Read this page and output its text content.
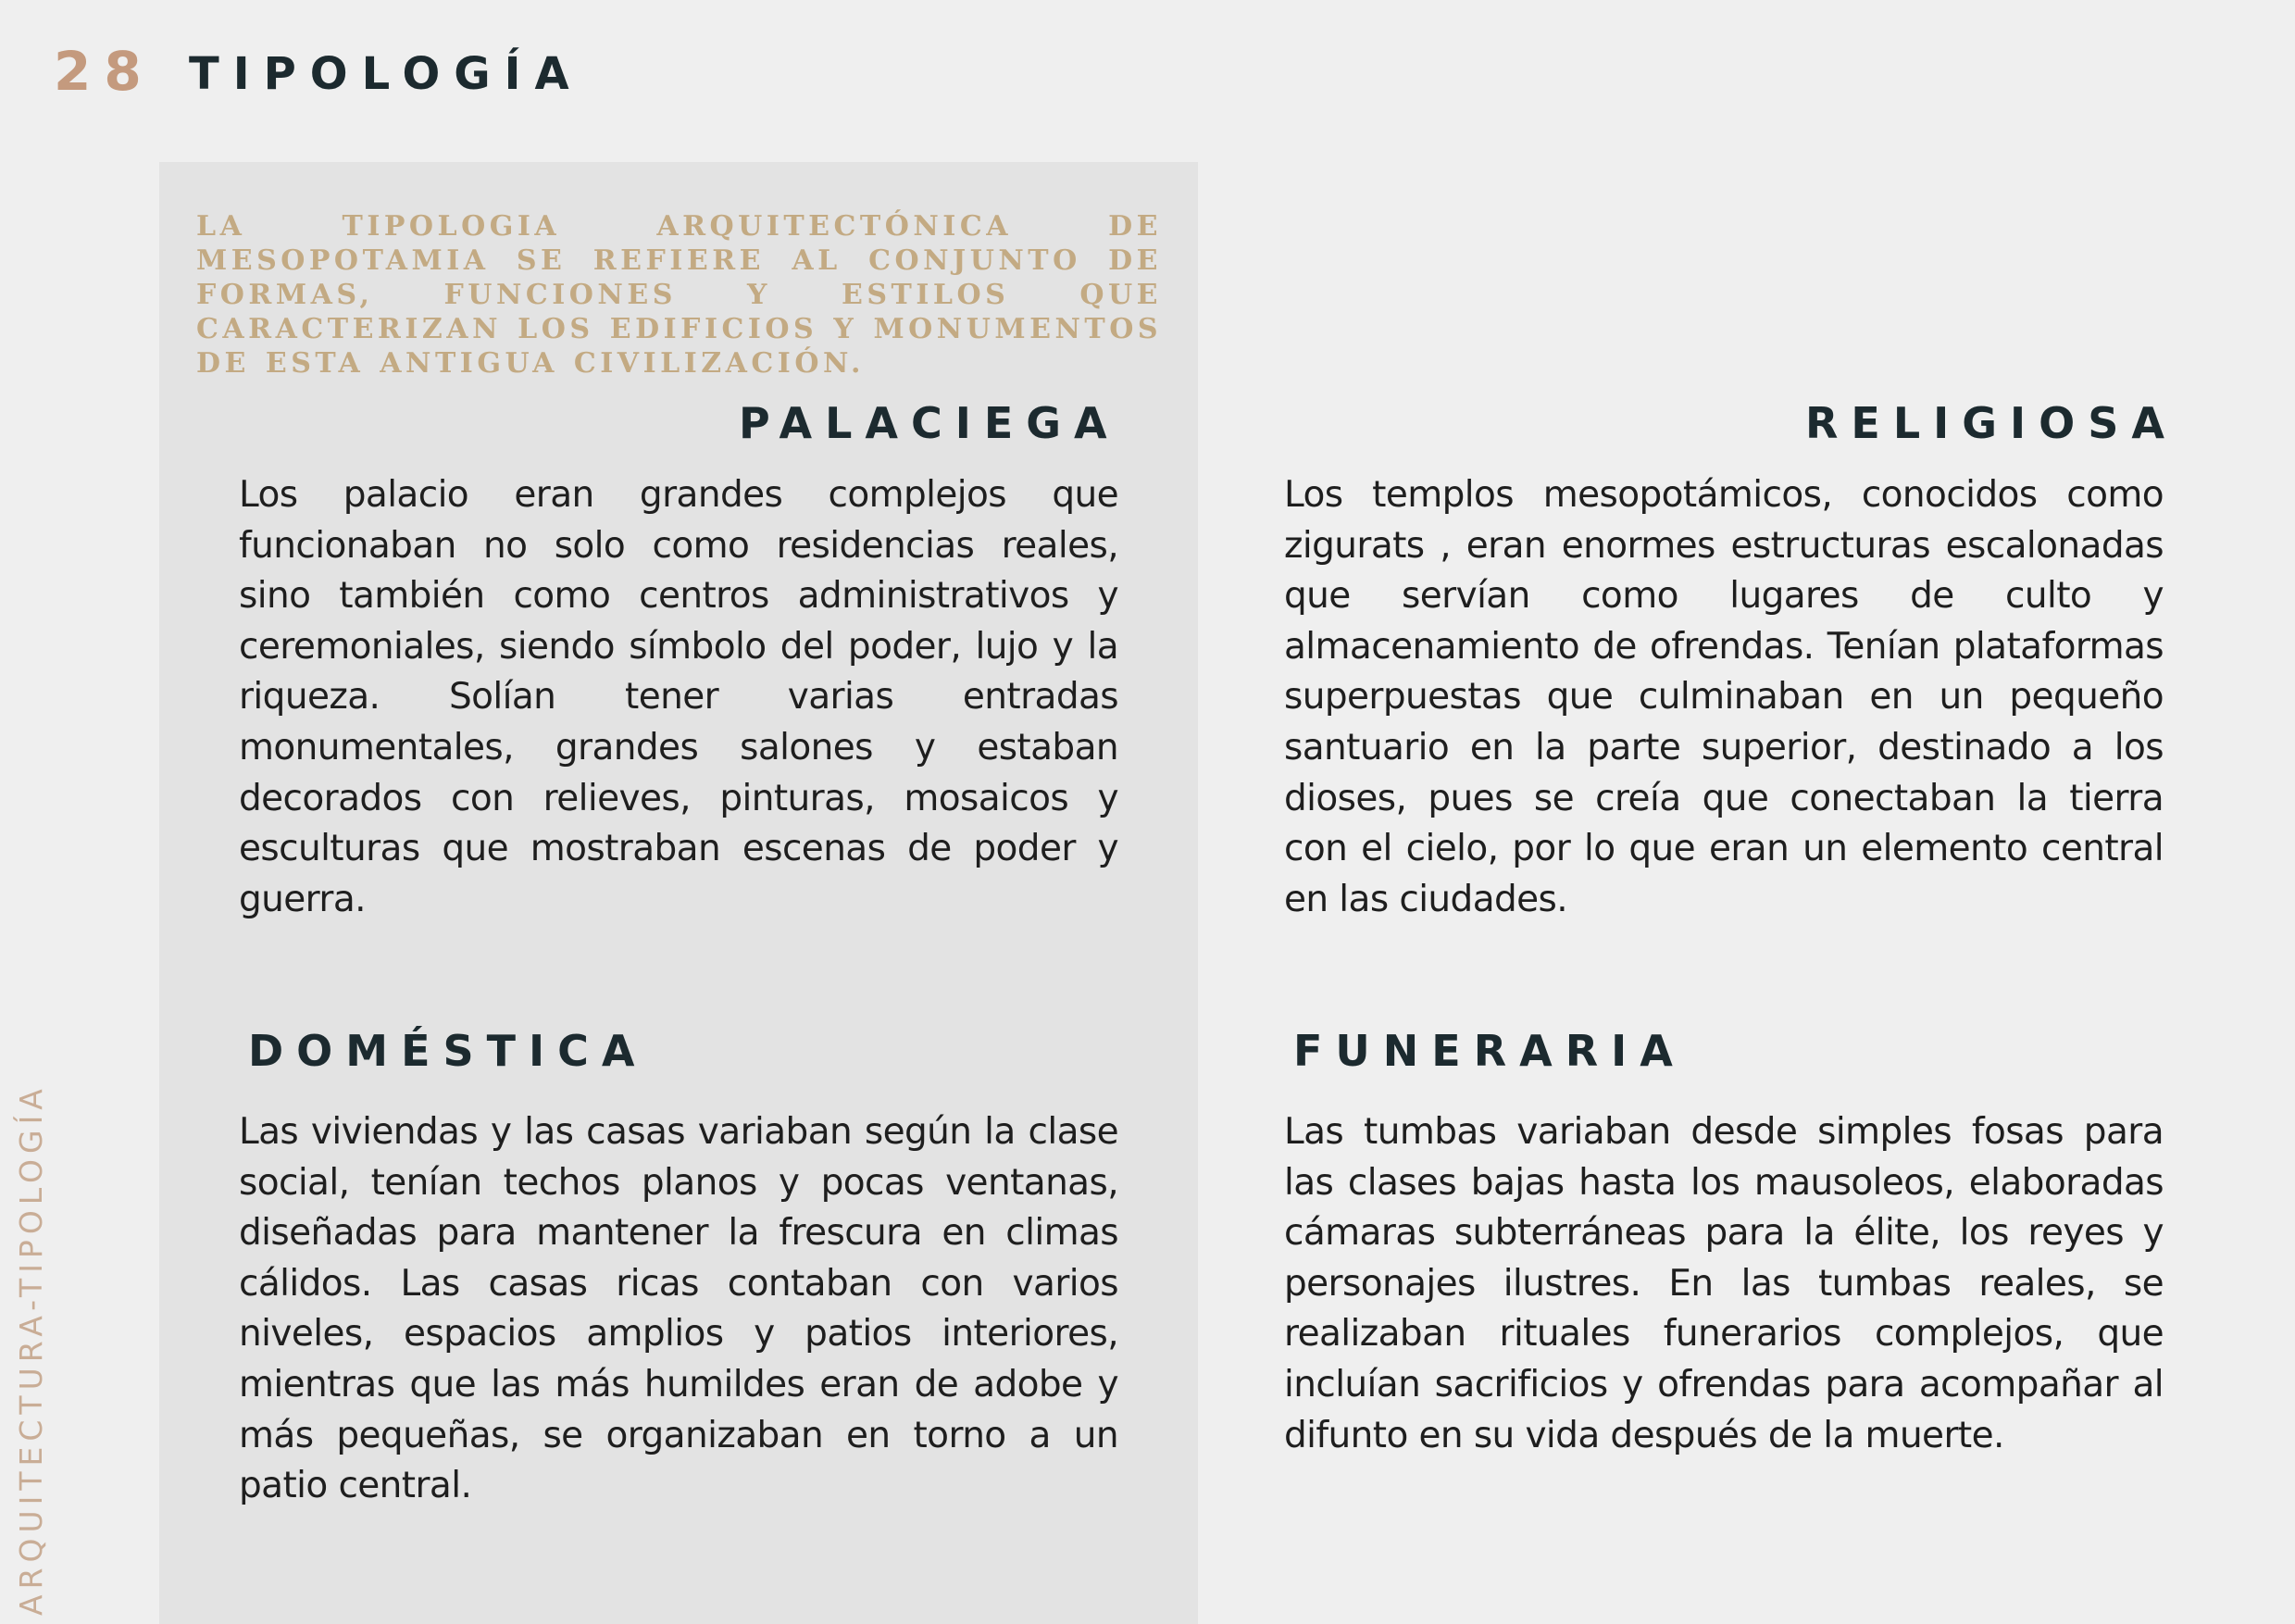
28 TIPOLOGÍA
ARQUITECTURA-TIPOLOGÍA
LA TIPOLOGIA ARQUITECTÓNICA DE MESOPOTAMIA SE REFIERE AL CONJUNTO DE FORMAS, FUNCIONES Y ESTILOS QUE CARACTERIZAN LOS EDIFICIOS Y MONUMENTOS DE ESTA ANTIGUA CIVILIZACIÓN.
PALACIEGA
Los palacio eran grandes complejos que funcionaban no solo como residencias reales, sino también como centros administrativos y ceremoniales, siendo símbolo del poder, lujo y la riqueza. Solían tener varias entradas monumentales, grandes salones y estaban decorados con relieves, pinturas, mosaicos y esculturas que mostraban escenas de poder y guerra.
RELIGIOSA
Los templos mesopotámicos, conocidos como zigurats , eran enormes estructuras escalonadas que servían como lugares de culto y almacenamiento de ofrendas. Tenían plataformas superpuestas que culminaban en un pequeño santuario en la parte superior, destinado a los dioses, pues se creía que conectaban la tierra con el cielo, por lo que eran un elemento central en las ciudades.
DOMÉSTICA
Las viviendas y las casas variaban según la clase social, tenían techos planos y pocas ventanas, diseñadas para mantener la frescura en climas cálidos. Las casas ricas contaban con varios niveles, espacios amplios y patios interiores, mientras que las más humildes eran de adobe y más pequeñas, se organizaban en torno a un patio central.
FUNERARIA
Las tumbas variaban desde simples fosas para las clases bajas hasta los mausoleos, elaboradas cámaras subterráneas para la élite, los reyes y personajes ilustres. En las tumbas reales, se realizaban rituales funerarios complejos, que incluían sacrificios y ofrendas para acompañar al difunto en su vida después de la muerte.
